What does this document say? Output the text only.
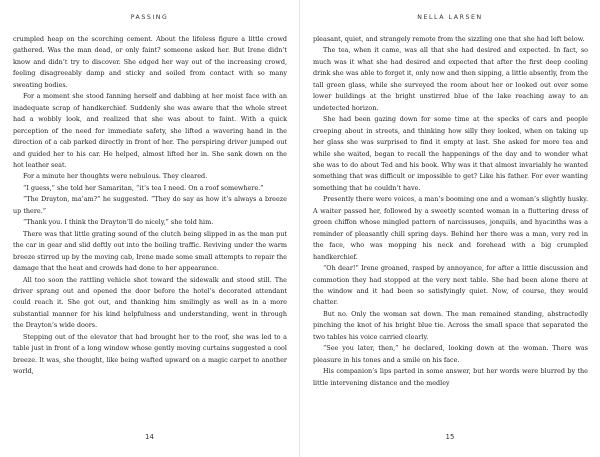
PASSING

crumpled heap on the scorching cement. About the lifeless figure a little crowd gathered. Was the man dead, or only faint? someone asked her. But Irene didn’t know and didn’t try to discover. She edged her way out of the increasing crowd, feeling disagreeably damp and sticky and soiled from contact with so many sweating bodies.

For a moment she stood fanning herself and dabbing at her moist face with an inadequate scrap of handkerchief. Suddenly she was aware that the whole street had a wobbly look, and realized that she was about to faint. With a quick perception of the need for immediate safety, she lifted a wavering hand in the direction of a cab parked directly in front of her. The perspiring driver jumped out and guided her to his car. He helped, almost lifted her in. She sank down on the hot leather seat.

For a minute her thoughts were nebulous. They cleared.

“I guess,” she told her Samaritan, “it’s tea I need. On a roof somewhere.”

“The Drayton, ma’am?” he suggested. “They do say as how it’s always a breeze up there.”

“Thank you. I think the Drayton’ll do nicely,” she told him.

There was that little grating sound of the clutch being slipped in as the man put the car in gear and slid deftly out into the boiling traffic. Reviving under the warm breeze stirred up by the moving cab, Irene made some small attempts to repair the damage that the heat and crowds had done to her appearance.

All too soon the rattling vehicle shot toward the sidewalk and stood still. The driver sprang out and opened the door before the hotel’s decorated attendant could reach it. She got out, and thanking him smilingly as well as in a more substantial manner for his kind helpfulness and understanding, went in through the Drayton’s wide doors.

Stepping out of the elevator that had brought her to the roof, she was led to a table just in front of a long window whose gently moving curtains suggested a cool breeze. It was, she thought, like being wafted upward on a magic carpet to another world,

14
NELLA LARSEN

pleasant, quiet, and strangely remote from the sizzling one that she had left below.

The tea, when it came, was all that she had desired and expected. In fact, so much was it what she had desired and expected that after the first deep cooling drink she was able to forget it, only now and then sipping, a little absently, from the tall green glass, while she surveyed the room about her or looked out over some lower buildings at the bright unstirred blue of the lake reaching away to an undetected horizon.

She had been gazing down for some time at the specks of cars and people creeping about in streets, and thinking how silly they looked, when on taking up her glass she was surprised to find it empty at last. She asked for more tea and while she waited, began to recall the happenings of the day and to wonder what she was to do about Ted and his book. Why was it that almost invariably he wanted something that was difficult or impossible to get? Like his father. For ever wanting something that he couldn’t have.

Presently there were voices, a man’s booming one and a woman’s slightly husky. A waiter passed her, followed by a sweetly scented woman in a fluttering dress of green chiffon whose mingled pattern of narcissuses, jonquils, and hyacinths was a reminder of pleasantly chill spring days. Behind her there was a man, very red in the face, who was mopping his neck and forehead with a big crumpled handkerchief.

“Oh dear!” Irene groaned, rasped by annoyance, for after a little discussion and commotion they had stopped at the very next table. She had been alone there at the window and it had been so satisfyingly quiet. Now, of course, they would chatter.

But no. Only the woman sat down. The man remained standing, abstractedly pinching the knot of his bright blue tie. Across the small space that separated the two tables his voice carried clearly.

“See you later, then,” he declared, looking down at the woman. There was pleasure in his tones and a smile on his face.

His companion’s lips parted in some answer, but her words were blurred by the little intervening distance and the medley

15
